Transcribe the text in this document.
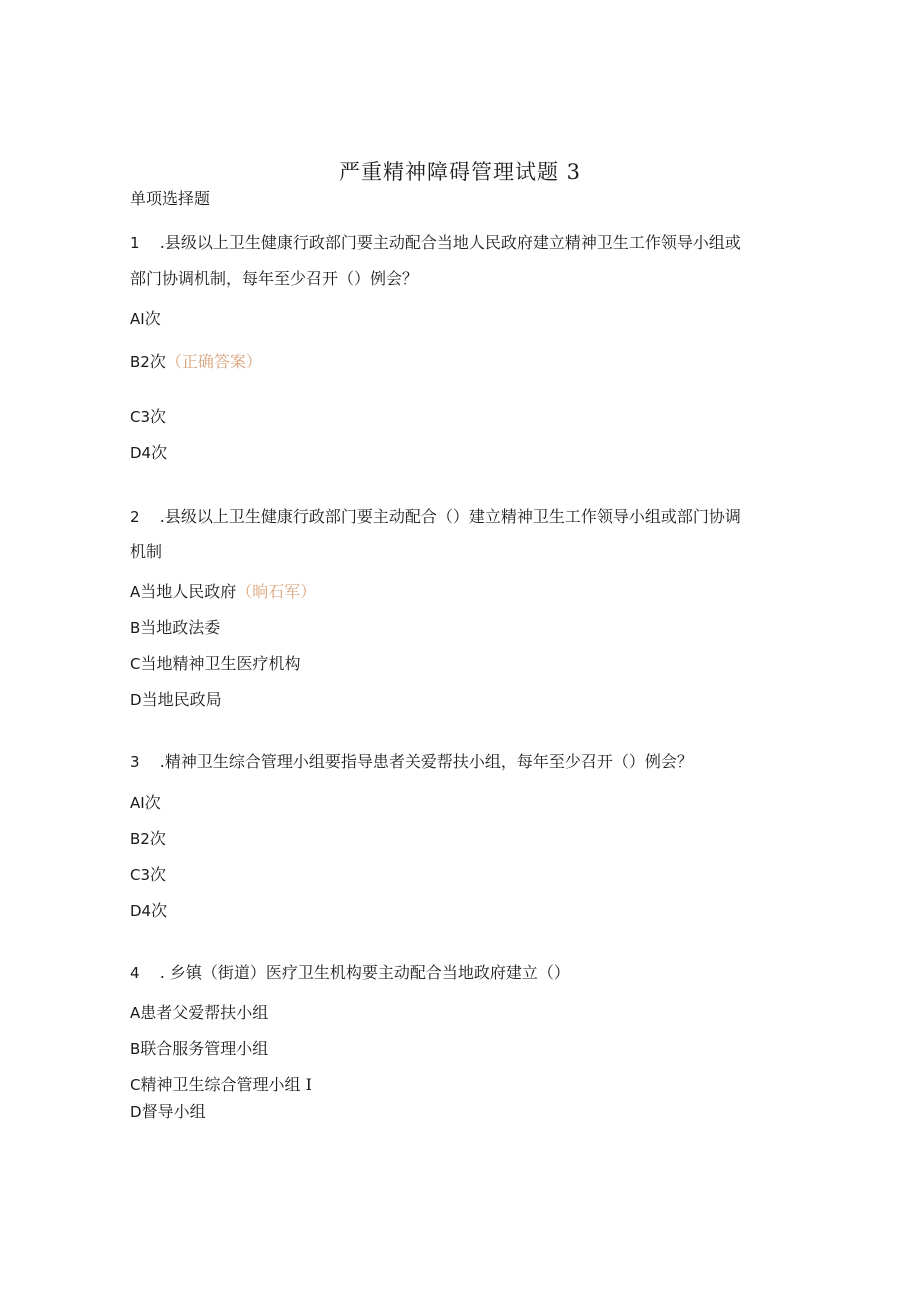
严重精神障碍管理试题 3
单项选择题
1 .县级以上卫生健康行政部门要主动配合当地人民政府建立精神卫生工作领导小组或
部门协调机制，每年至少召开（）例会？
AI次
B2次（正确答案）
C3次
D4次
2 .县级以上卫生健康行政部门要主动配合（）建立精神卫生工作领导小组或部门协调
机制
A当地人民政府（晌石军）
B当地政法委
C当地精神卫生医疗机构
D当地民政局
3 .精神卫生综合管理小组要指导患者关爱帮扶小组，每年至少召开（）例会？
AI次
B2次
C3次
D4次
4 . 乡镇（街道）医疗卫生机构要主动配合当地政府建立（）
A患者父爱帮扶小组
B联合服务管理小组
C精神卫生综合管理小组 I
D督导小组
